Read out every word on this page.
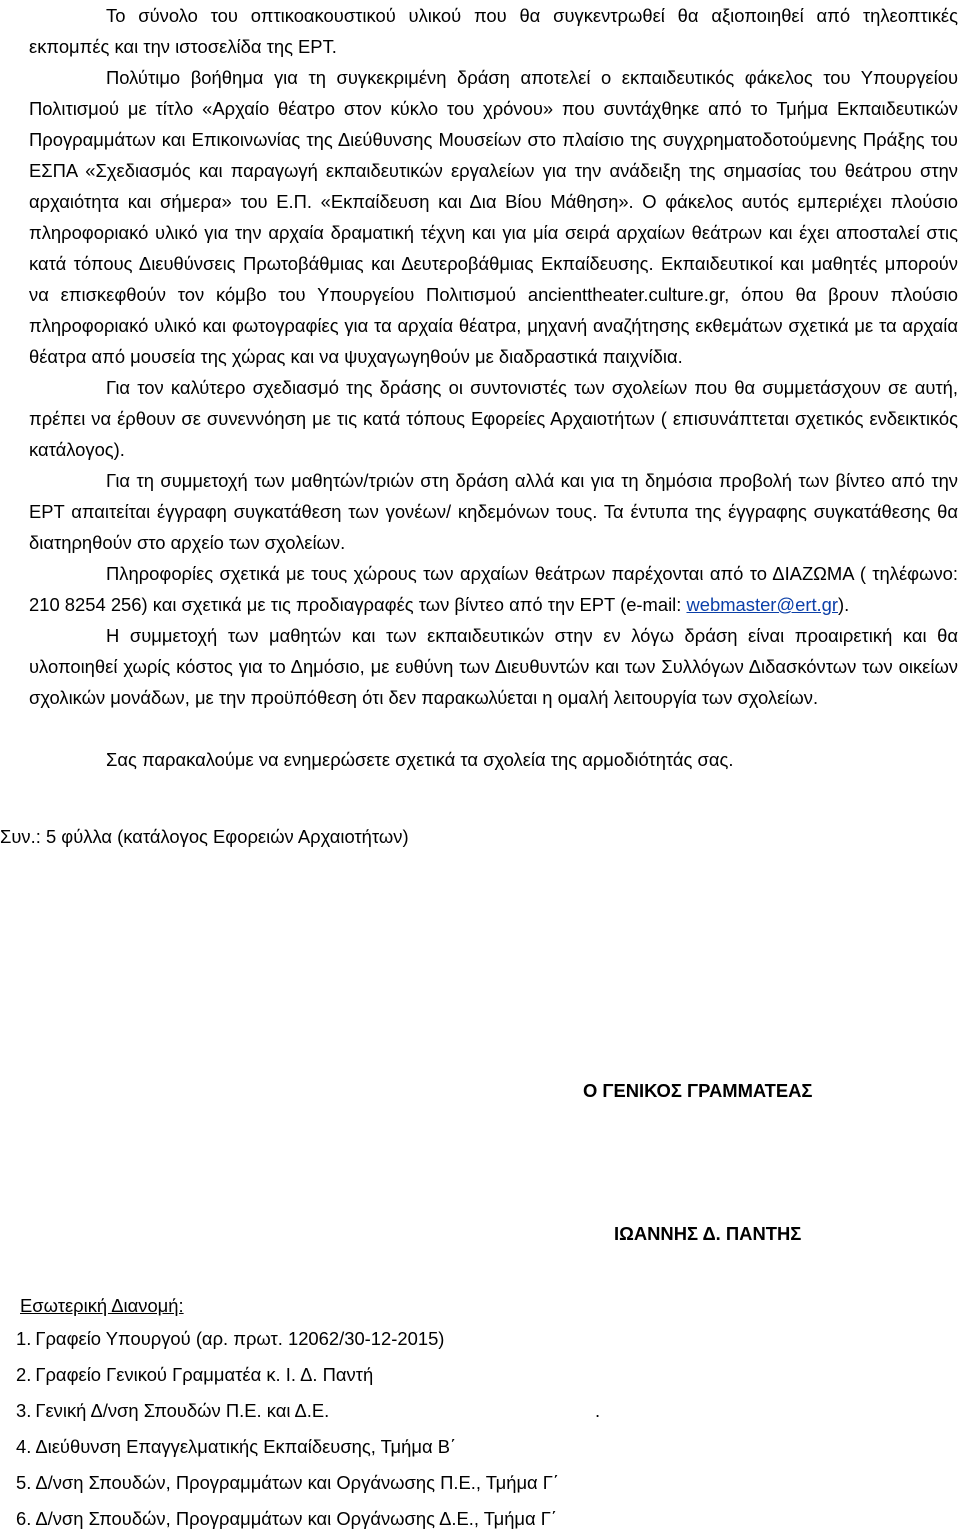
Το σύνολο του οπτικοακουστικού υλικού που θα συγκεντρωθεί θα αξιοποιηθεί από τηλεοπτικές εκπομπές και την ιστοσελίδα της ΕΡΤ.

Πολύτιμο βοήθημα για τη συγκεκριμένη δράση αποτελεί ο εκπαιδευτικός φάκελος του Υπουργείου Πολιτισμού με τίτλο «Αρχαίο θέατρο στον κύκλο του χρόνου» που συντάχθηκε από το Τμήμα Εκπαιδευτικών Προγραμμάτων και Επικοινωνίας της Διεύθυνσης Μουσείων στο πλαίσιο της συγχρηματοδοτούμενης Πράξης του ΕΣΠΑ «Σχεδιασμός και παραγωγή εκπαιδευτικών εργαλείων για την ανάδειξη της σημασίας του θεάτρου στην αρχαιότητα και σήμερα» του Ε.Π. «Εκπαίδευση και Δια Βίου Μάθηση». Ο φάκελος αυτός εμπεριέχει πλούσιο πληροφοριακό υλικό για την αρχαία δραματική τέχνη και για μία σειρά αρχαίων θεάτρων και έχει αποσταλεί στις κατά τόπους Διευθύνσεις Πρωτοβάθμιας και Δευτεροβάθμιας Εκπαίδευσης. Εκπαιδευτικοί και μαθητές μπορούν να επισκεφθούν τον κόμβο του Υπουργείου Πολιτισμού ancienttheater.culture.gr, όπου θα βρουν πλούσιο πληροφοριακό υλικό και φωτογραφίες για τα αρχαία θέατρα, μηχανή αναζήτησης εκθεμάτων σχετικά με τα αρχαία θέατρα από μουσεία της χώρας και να ψυχαγωγηθούν με διαδραστικά παιχνίδια.

Για τον καλύτερο σχεδιασμό της δράσης οι συντονιστές των σχολείων που θα συμμετάσχουν σε αυτή, πρέπει να έρθουν σε συνεννόηση με τις κατά τόπους Εφορείες Αρχαιοτήτων ( επισυνάπτεται σχετικός ενδεικτικός κατάλογος).

Για τη συμμετοχή των μαθητών/τριών στη δράση αλλά και για τη δημόσια προβολή των βίντεο από την ΕΡΤ απαιτείται έγγραφη συγκατάθεση των γονέων/ κηδεμόνων τους. Τα έντυπα της έγγραφης συγκατάθεσης θα διατηρηθούν στο αρχείο των σχολείων.

Πληροφορίες σχετικά με τους χώρους των αρχαίων θεάτρων παρέχονται από το ΔΙΑΖΩΜΑ ( τηλέφωνο: 210 8254 256) και σχετικά με τις προδιαγραφές των βίντεο από την ΕΡΤ (e-mail: webmaster@ert.gr).

Η συμμετοχή των μαθητών και των εκπαιδευτικών στην εν λόγω δράση είναι προαιρετική και θα υλοποιηθεί χωρίς κόστος για το Δημόσιο, με ευθύνη των Διευθυντών και των Συλλόγων Διδασκόντων των οικείων σχολικών μονάδων, με την προϋπόθεση ότι δεν παρακωλύεται η ομαλή λειτουργία των σχολείων.

Σας παρακαλούμε να ενημερώσετε σχετικά τα σχολεία της αρμοδιότητάς σας.

Συν.: 5 φύλλα (κατάλογος Εφορειών Αρχαιοτήτων)
Ο ΓΕΝΙΚΟΣ ΓΡΑΜΜΑΤΕΑΣ
ΙΩΑΝΝΗΣ Δ. ΠΑΝΤΗΣ
Εσωτερική Διανομή:
1. Γραφείο Υπουργού (αρ. πρωτ. 12062/30-12-2015)
2. Γραφείο Γενικού Γραμματέα κ. Ι. Δ. Παντή
3. Γενική Δ/νση Σπουδών Π.Ε. και Δ.Ε.                                                    .
4. Διεύθυνση Επαγγελματικής Εκπαίδευσης, Τμήμα Β΄
5. Δ/νση Σπουδών, Προγραμμάτων και Οργάνωσης Π.Ε., Τμήμα Γ΄
6. Δ/νση Σπουδών, Προγραμμάτων και Οργάνωσης Δ.Ε., Τμήμα Γ΄
